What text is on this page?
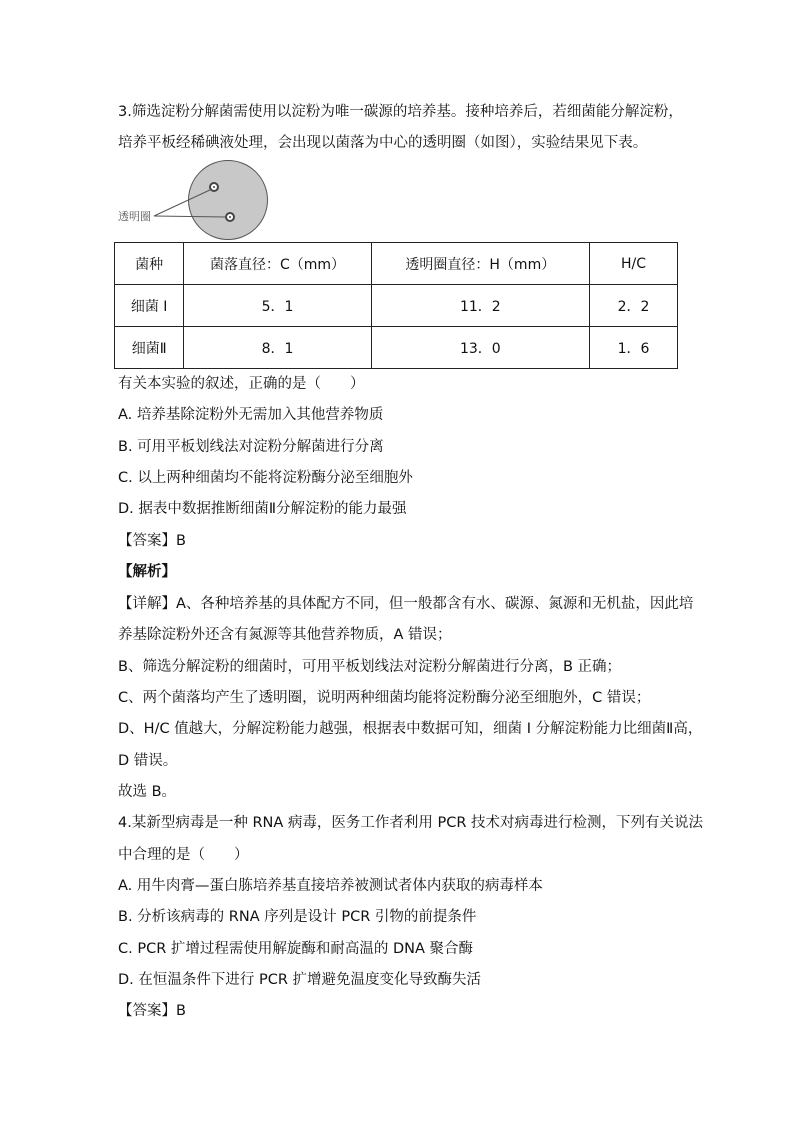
3.筛选淀粉分解菌需使用以淀粉为唯一碳源的培养基。接种培养后，若细菌能分解淀粉，
培养平板经稀碘液处理，会出现以菌落为中心的透明圈（如图），实验结果见下表。
透明圈
菌种	菌落直径：C（mm）	透明圈直径：H（mm）	H/C
细菌 I	5．1	11．2	2．2
细菌Ⅱ	8．1	13．0	1．6
有关本实验的叙述，正确的是（　　）
A. 培养基除淀粉外无需加入其他营养物质
B. 可用平板划线法对淀粉分解菌进行分离
C. 以上两种细菌均不能将淀粉酶分泌至细胞外
D. 据表中数据推断细菌Ⅱ分解淀粉的能力最强
【答案】B
【解析】
【详解】A、各种培养基的具体配方不同，但一般都含有水、碳源、氮源和无机盐，因此培
养基除淀粉外还含有氮源等其他营养物质，A 错误；
B、筛选分解淀粉的细菌时，可用平板划线法对淀粉分解菌进行分离，B 正确；
C、两个菌落均产生了透明圈，说明两种细菌均能将淀粉酶分泌至细胞外，C 错误；
D、H/C 值越大，分解淀粉能力越强，根据表中数据可知，细菌 I 分解淀粉能力比细菌Ⅱ高，
D 错误。
故选 B。
4.某新型病毒是一种 RNA 病毒，医务工作者利用 PCR 技术对病毒进行检测，下列有关说法
中合理的是（　　）
A. 用牛肉膏—蛋白胨培养基直接培养被测试者体内获取的病毒样本
B. 分析该病毒的 RNA 序列是设计 PCR 引物的前提条件
C. PCR 扩增过程需使用解旋酶和耐高温的 DNA 聚合酶
D. 在恒温条件下进行 PCR 扩增避免温度变化导致酶失活
【答案】B
